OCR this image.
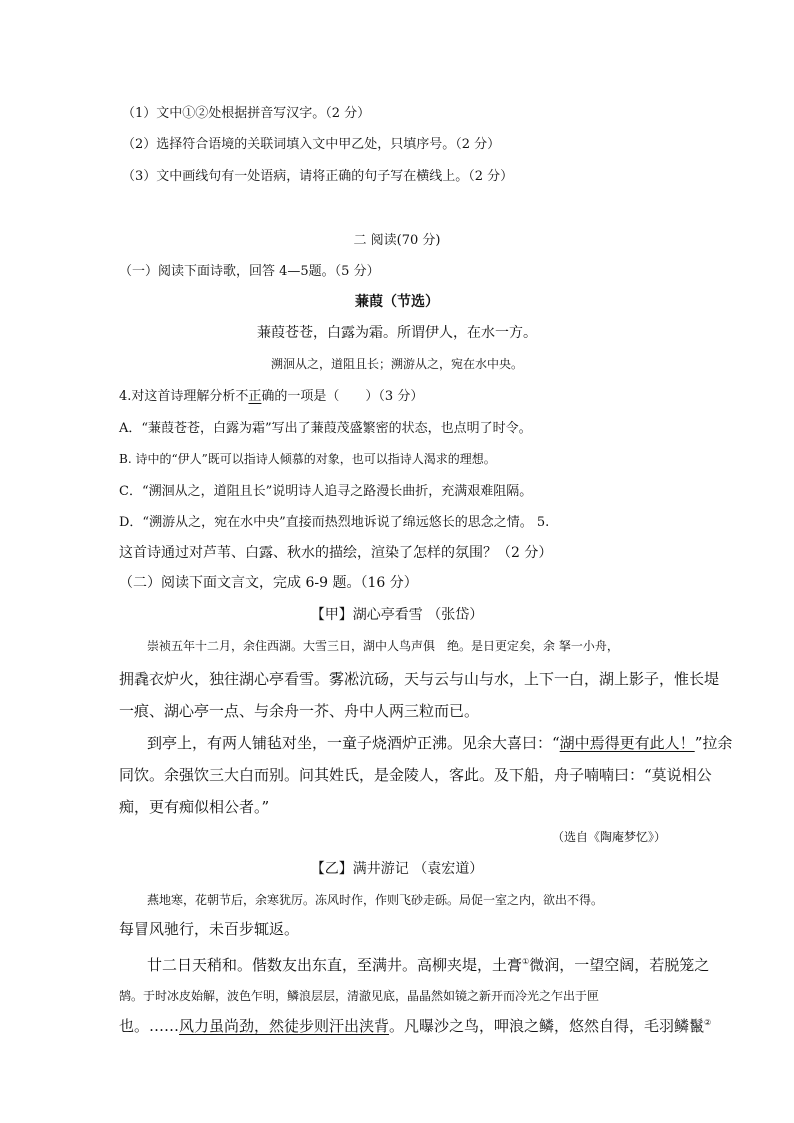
（1）文中①②处根据拼音写汉字。（2 分）
（2）选择符合语境的关联词填入文中甲乙处，只填序号。（2 分）
（3）文中画线句有一处语病，请将正确的句子写在横线上。（2 分）
二 阅读(70 分)
（一）阅读下面诗歌，回答 4—5题。（5 分）
蒹葭（节选）
蒹葭苍苍，白露为霜。所谓伊人，在水一方。
溯洄从之，道阻且长；溯游从之，宛在水中央。
4.对这首诗理解分析不正确的一项是（　　）（3 分）
A．“蒹葭苍苍，白露为霜”写出了蒹葭茂盛繁密的状态，也点明了时令。
B. 诗中的“伊人”既可以指诗人倾慕的对象，也可以指诗人渴求的理想。
C．“溯洄从之，道阻且长”说明诗人追寻之路漫长曲折，充满艰难阻隔。
D．“溯游从之，宛在水中央”直接而热烈地诉说了绵远悠长的思念之情。 5.
这首诗通过对芦苇、白露、秋水的描绘，渲染了怎样的氛围？（2 分）
（二）阅读下面文言文，完成 6-9 题。（16 分）
【甲】湖心亭看雪 （张岱）
崇祯五年十二月，余住西湖。大雪三日，湖中人鸟声俱　绝。是日更定矣，余 拏一小舟，
拥毳衣炉火，独往湖心亭看雪。雾凇沆砀，天与云与山与水，上下一白，湖上影子，惟长堤
一痕、湖心亭一点、与余舟一芥、舟中人两三粒而已。
到亭上，有两人铺毡对坐，一童子烧酒炉正沸。见余大喜曰：“湖中焉得更有此人！”拉余
同饮。余强饮三大白而别。问其姓氏，是金陵人，客此。及下船，舟子喃喃曰：“莫说相公
痴，更有痴似相公者。”
（选自《陶庵梦忆》）
【乙】满井游记 （袁宏道）
燕地寒，花朝节后，余寒犹厉。冻风时作，作则飞砂走砾。局促一室之内，欲出不得。
每冒风驰行，未百步辄返。
廿二日天稍和。偕数友出东直，至满井。高柳夹堤，土膏①微润，一望空阔，若脱笼之
鹄。于时冰皮始解，波色乍明，鳞浪层层，清澈见底，晶晶然如镜之新开而冷光之乍出于匣
也。……风力虽尚劲，然徒步则汗出浃背。凡曝沙之鸟，呷浪之鳞，悠然自得，毛羽鳞鬣②
